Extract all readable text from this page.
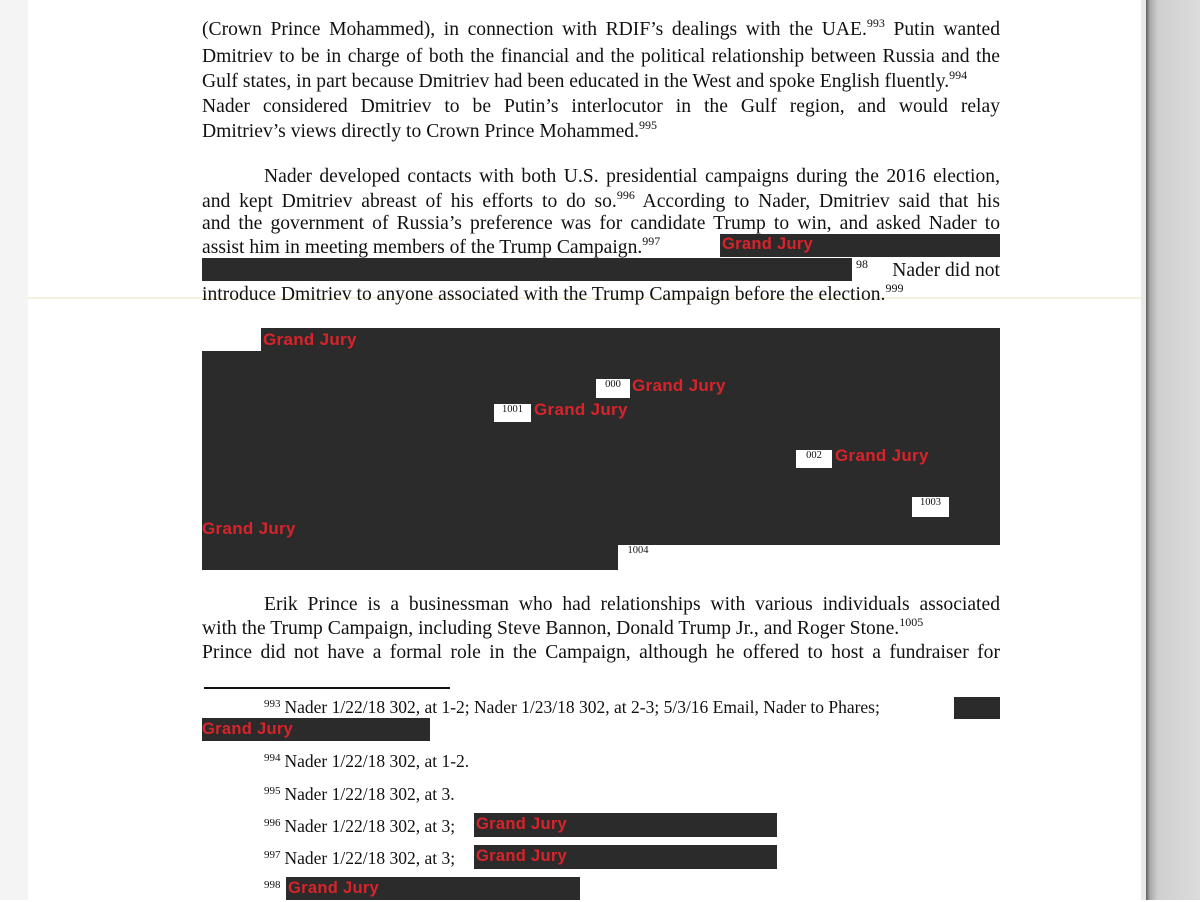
(Crown Prince Mohammed), in connection with RDIF’s dealings with the UAE.$^{993}$ Putin wanted
Dmitriev to be in charge of both the financial and the political relationship between Russia and the
Gulf states, in part because Dmitriev had been educated in the West and spoke English fluently.$^{994}$
Nader considered Dmitriev to be Putin’s interlocutor in the Gulf region, and would relay
Dmitriev’s views directly to Crown Prince Mohammed.$^{995}$
Nader developed contacts with both U.S. presidential campaigns during the 2016 election,
and kept Dmitriev abreast of his efforts to do so.$^{996}$ According to Nader, Dmitriev said that his
and the government of Russia’s preference was for candidate Trump to win, and asked Nader to
assist him in meeting members of the Trump Campaign.$^{997}$	Grand Jury
98 Nader did not
introduce Dmitriev to anyone associated with the Trump Campaign before the election.$^{999}$
Grand Jury
000 Grand Jury
1001 Grand Jury
002 Grand Jury
1003
Grand Jury
1004
Erik Prince is a businessman who had relationships with various individuals associated
with the Trump Campaign, including Steve Bannon, Donald Trump Jr., and Roger Stone.$^{1005}$
Prince did not have a formal role in the Campaign, although he offered to host a fundraiser for
$^{993}$ Nader 1/22/18 302, at 1-2; Nader 1/23/18 302, at 2-3; 5/3/16 Email, Nader to Phares;
Grand Jury
$^{994}$ Nader 1/22/18 302, at 1-2.
$^{995}$ Nader 1/22/18 302, at 3.
$^{996}$ Nader 1/22/18 302, at 3; Grand Jury
$^{997}$ Nader 1/22/18 302, at 3; Grand Jury
$^{998}$ Grand Jury
